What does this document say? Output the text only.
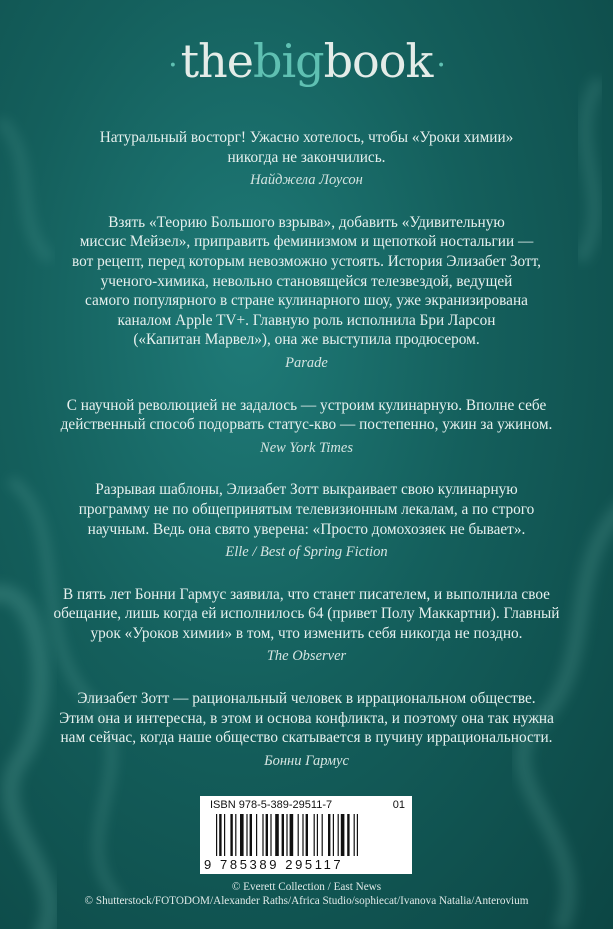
·thebigbook ·

Натуральный восторг! Ужасно хотелось, чтобы «Уроки химии»

никогда не закончились.

Найджела Лоусон

Взять «Теорию Большого взрыва», добавить «Удивительную

миссис Мейзел», приправить феминизмом и щепоткой ностальгии —

вот рецепт, перед которым невозможно устоять. История Элизабет Зотт,

ученого-химика, невольно становящейся телезвездой, ведущей

самого популярного в стране кулинарного шоу, уже экранизирована

каналом Apple TV+. Главную роль исполнила Бри Ларсон

(«Капитан Марвел»), она же выступила продюсером.

Parade

С научной революцией не задалось — устроим кулинарную. Вполне себе

действенный способ подорвать статус-кво — постепенно, ужин за ужином.

New York Times

Разрывая шаблоны, Элизабет Зотт выкраивает свою кулинарную

программу не по общепринятым телевизионным лекалам, а по строго

научным. Ведь она свято уверена: «Просто домохозяек не бывает».

Elle / Best of Spring Fiction

В пять лет Бонни Гармус заявила, что станет писателем, и выполнила свое

обещание, лишь когда ей исполнилось 64 (привет Полу Маккартни). Главный

урок «Уроков химии» в том, что изменить себя никогда не поздно.

The Observer

Элизабет Зотт — рациональный человек в иррациональном обществе.

Этим она и интересна, в этом и основа конфликта, и поэтому она так нужна

нам сейчас, когда наше общество скатывается в пучину иррациональности.

Бонни Гармус

ISBN 978-5-389-29511-7	01
9 785389 295117
© Everett Collection / East News
© Shutterstock/FOTODOM/Alexander Raths/Africa Studio/sophiecat/Ivanova Natalia/Anterovium
